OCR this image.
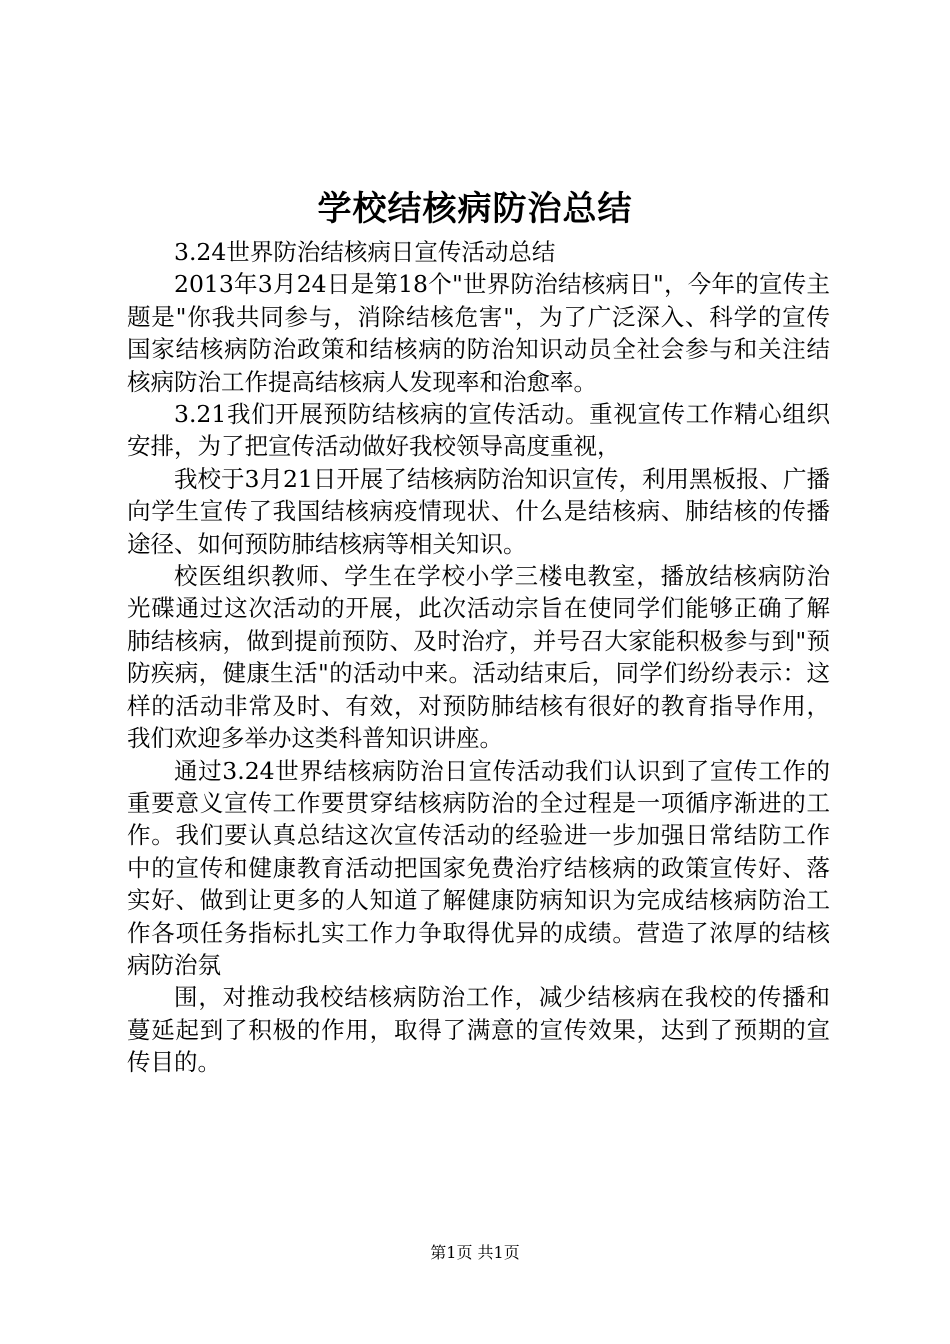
学校结核病防治总结

3.24世界防治结核病日宣传活动总结

2013年3月24日是第18个"世界防治结核病日"，今年的宣传主题是"你我共同参与，消除结核危害"，为了广泛深入、科学的宣传国家结核病防治政策和结核病的防治知识动员全社会参与和关注结核病防治工作提高结核病人发现率和治愈率。

3.21我们开展预防结核病的宣传活动。重视宣传工作精心组织安排，为了把宣传活动做好我校领导高度重视，

我校于3月21日开展了结核病防治知识宣传，利用黑板报、广播向学生宣传了我国结核病疫情现状、什么是结核病、肺结核的传播途径、如何预防肺结核病等相关知识。

校医组织教师、学生在学校小学三楼电教室，播放结核病防治光碟通过这次活动的开展，此次活动宗旨在使同学们能够正确了解肺结核病，做到提前预防、及时治疗，并号召大家能积极参与到"预防疾病，健康生活"的活动中来。活动结束后，同学们纷纷表示：这样的活动非常及时、有效，对预防肺结核有很好的教育指导作用，我们欢迎多举办这类科普知识讲座。

通过3.24世界结核病防治日宣传活动我们认识到了宣传工作的重要意义宣传工作要贯穿结核病防治的全过程是一项循序渐进的工作。我们要认真总结这次宣传活动的经验进一步加强日常结防工作中的宣传和健康教育活动把国家免费治疗结核病的政策宣传好、落实好、做到让更多的人知道了解健康防病知识为完成结核病防治工作各项任务指标扎实工作力争取得优异的成绩。营造了浓厚的结核病防治氛

围，对推动我校结核病防治工作，减少结核病在我校的传播和蔓延起到了积极的作用，取得了满意的宣传效果，达到了预期的宣传目的。

第1页 共1页
